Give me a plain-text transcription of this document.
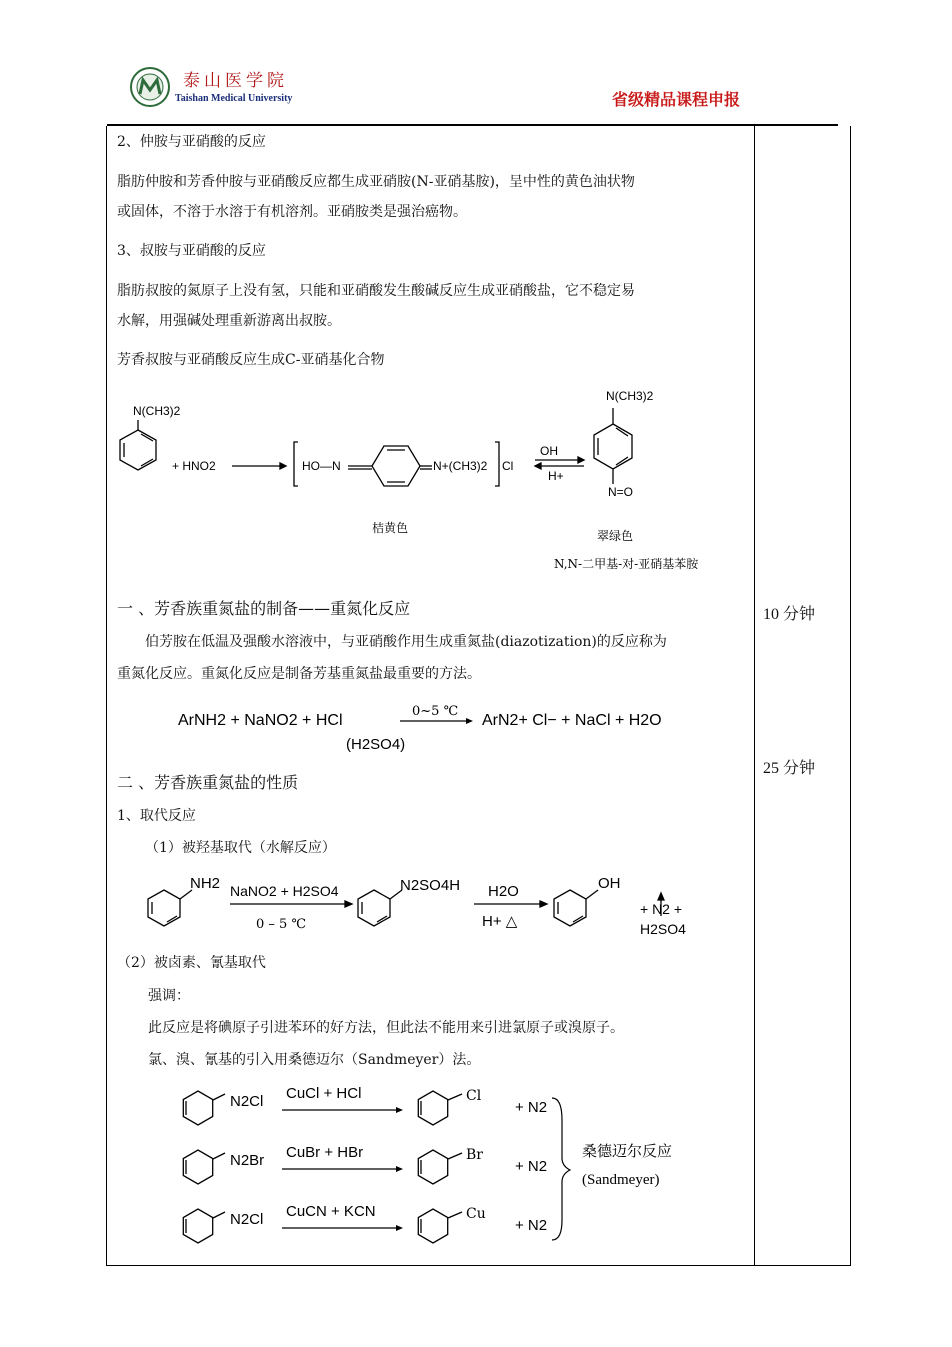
泰山医学院
Taishan Medical University	省级精品课程申报
2、仲胺与亚硝酸的反应
脂肪仲胺和芳香仲胺与亚硝酸反应都生成亚硝胺(N-亚硝基胺)，呈中性的黄色油状物
或固体，不溶于水溶于有机溶剂。亚硝胺类是强治癌物。
3、叔胺与亚硝酸的反应
脂肪叔胺的氮原子上没有氢，只能和亚硝酸发生酸碱反应生成亚硝酸盐，它不稳定易
水解，用强碱处理重新游离出叔胺。
芳香叔胺与亚硝酸反应生成C-亚硝基化合物
N(CH3)2
+ HNO2	HO—N	N+(CH3)2 Cl
OH
H+
N(CH3)2
N=O
桔黄色
翠绿色
N,N-二甲基-对-亚硝基苯胺
一 、芳香族重氮盐的制备——重氮化反应
伯芳胺在低温及强酸水溶液中，与亚硝酸作用生成重氮盐(diazotization)的反应称为
重氮化反应。重氮化反应是制备芳基重氮盐最重要的方法。
ArNH2 + NaNO2 + HCl
0~5 ℃
(H2SO4)
ArN2+ Cl− + NaCl + H2O
二 、芳香族重氮盐的性质
1、取代反应
（1）被羟基取代（水解反应）
NH2 NaNO2 + H2SO4
0 – 5 ℃
N2SO4H H2O
H+ △
OH
+ N2 +
H2SO4
（2）被卤素、氰基取代
强调：
此反应是将碘原子引进苯环的好方法，但此法不能用来引进氯原子或溴原子。
氯、溴、氰基的引入用桑德迈尔（Sandmeyer）法。
N2Cl CuCl + HCl	Cl
+ N2
N2Br CuBr + HBr	Br
+ N2
N2Cl CuCN + KCN	Cu
+ N2
桑德迈尔反应
(Sandmeyer)
10 分钟
25 分钟
